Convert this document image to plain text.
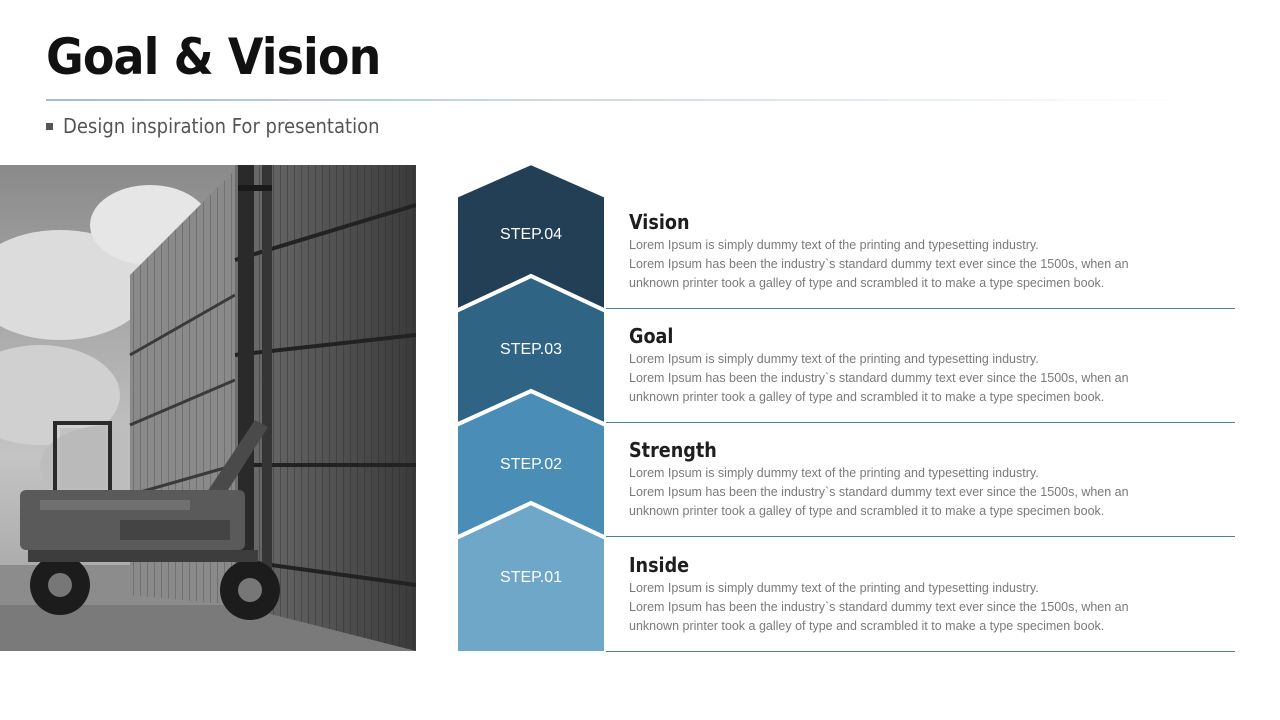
Goal & Vision
Design inspiration For presentation
STEP.04
STEP.03
STEP.02
STEP.01
Vision
Lorem Ipsum is simply dummy text of the printing and typesetting industry.
Lorem Ipsum has been the industry`s standard dummy text ever since the 1500s, when an
unknown printer took a galley of type and scrambled it to make a type specimen book.
Goal
Lorem Ipsum is simply dummy text of the printing and typesetting industry.
Lorem Ipsum has been the industry`s standard dummy text ever since the 1500s, when an
unknown printer took a galley of type and scrambled it to make a type specimen book.
Strength
Lorem Ipsum is simply dummy text of the printing and typesetting industry.
Lorem Ipsum has been the industry`s standard dummy text ever since the 1500s, when an
unknown printer took a galley of type and scrambled it to make a type specimen book.
Inside
Lorem Ipsum is simply dummy text of the printing and typesetting industry.
Lorem Ipsum has been the industry`s standard dummy text ever since the 1500s, when an
unknown printer took a galley of type and scrambled it to make a type specimen book.
